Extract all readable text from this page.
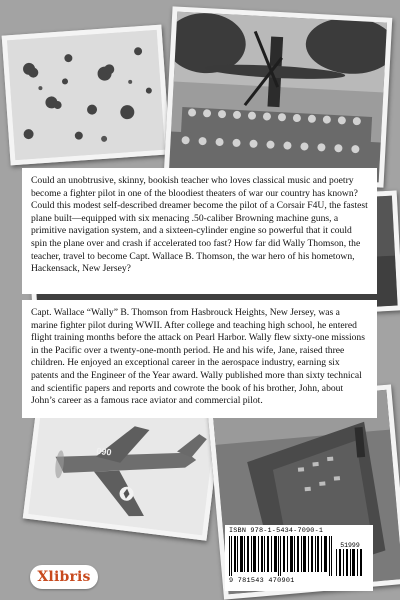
090
Could an unobtrusive, skinny, bookish teacher who loves classical music and poetry become a fighter pilot in one of the bloodiest theaters of war our country has known? Could this modest self-described dreamer become the pilot of a Corsair F4U, the fastest plane built—equipped with six menacing .50-caliber Browning machine guns, a primitive navigation system, and a sixteen-cylinder engine so powerful that it could spin the plane over and crash if accelerated too fast? How far did Wally Thomson, the teacher, travel to become Capt. Wallace B. Thomson, the war hero of his hometown, Hackensack, New Jersey?
Capt. Wallace “Wally” B. Thomson from Hasbrouck Heights, New Jersey, was a marine fighter pilot during WWII. After college and teaching high school, he entered flight training months before the attack on Pearl Harbor. Wally flew sixty-one missions in the Pacific over a twenty-one-month period. He and his wife, Jane, raised three children. He enjoyed an exceptional career in the aerospace industry, earning six patents and the Engineer of the Year award. Wally published more than sixty technical and scientific papers and reports and cowrote the book of his brother, John, about John’s career as a famous race aviator and commercial pilot.
ISBN 978-1-5434-7090-1
51999
9 781543 470901
Xlibris
